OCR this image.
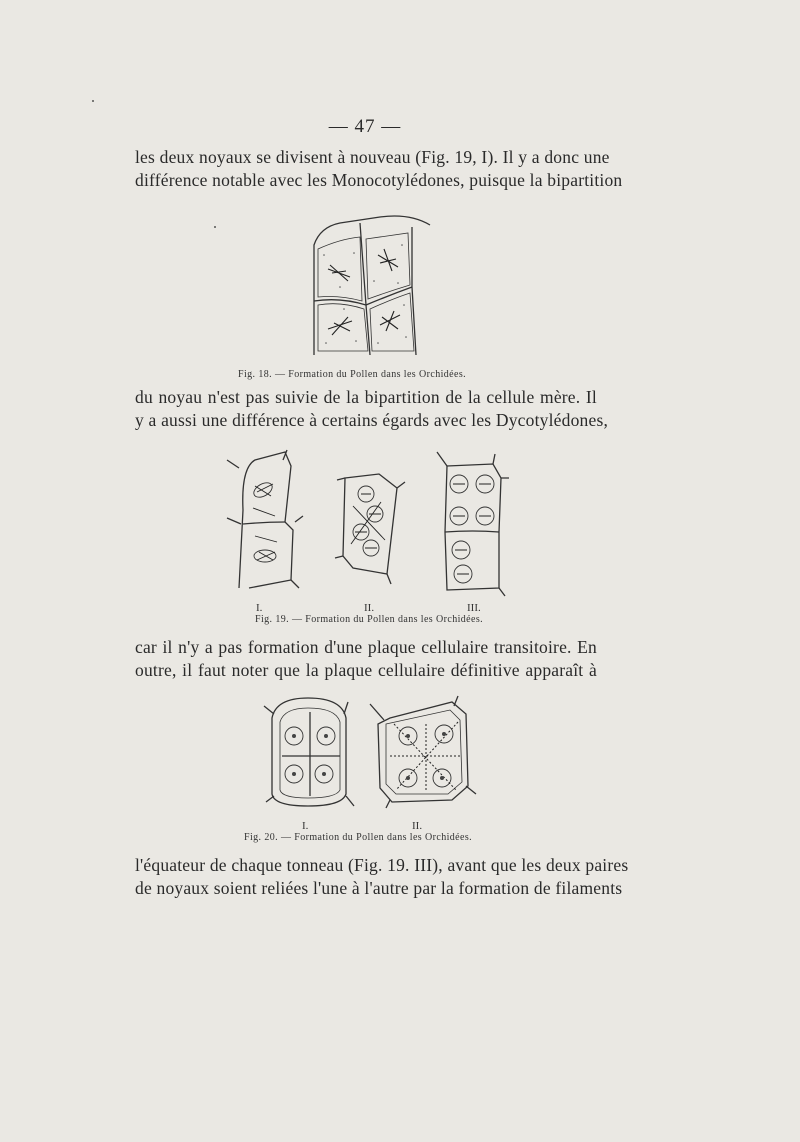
— 47 —
les deux noyaux se divisent à nouveau (Fig. 19, I). Il y a donc une
différence notable avec les Monocotylédones, puisque la bipartition
Fig. 18. — Formation du Pollen dans les Orchidées.
du noyau n'est pas suivie de la bipartition de la cellule mère. Il
y a aussi une différence à certains égards avec les Dycotylédones,
I.	II.	III.
Fig. 19. — Formation du Pollen dans les Orchidées.
car il n'y a pas formation d'une plaque cellulaire transitoire. En
outre, il faut noter que la plaque cellulaire définitive apparaît à
I.	II.
Fig. 20. — Formation du Pollen dans les Orchidées.
l'équateur de chaque tonneau (Fig. 19. III), avant que les deux paires
de noyaux soient reliées l'une à l'autre par la formation de filaments
